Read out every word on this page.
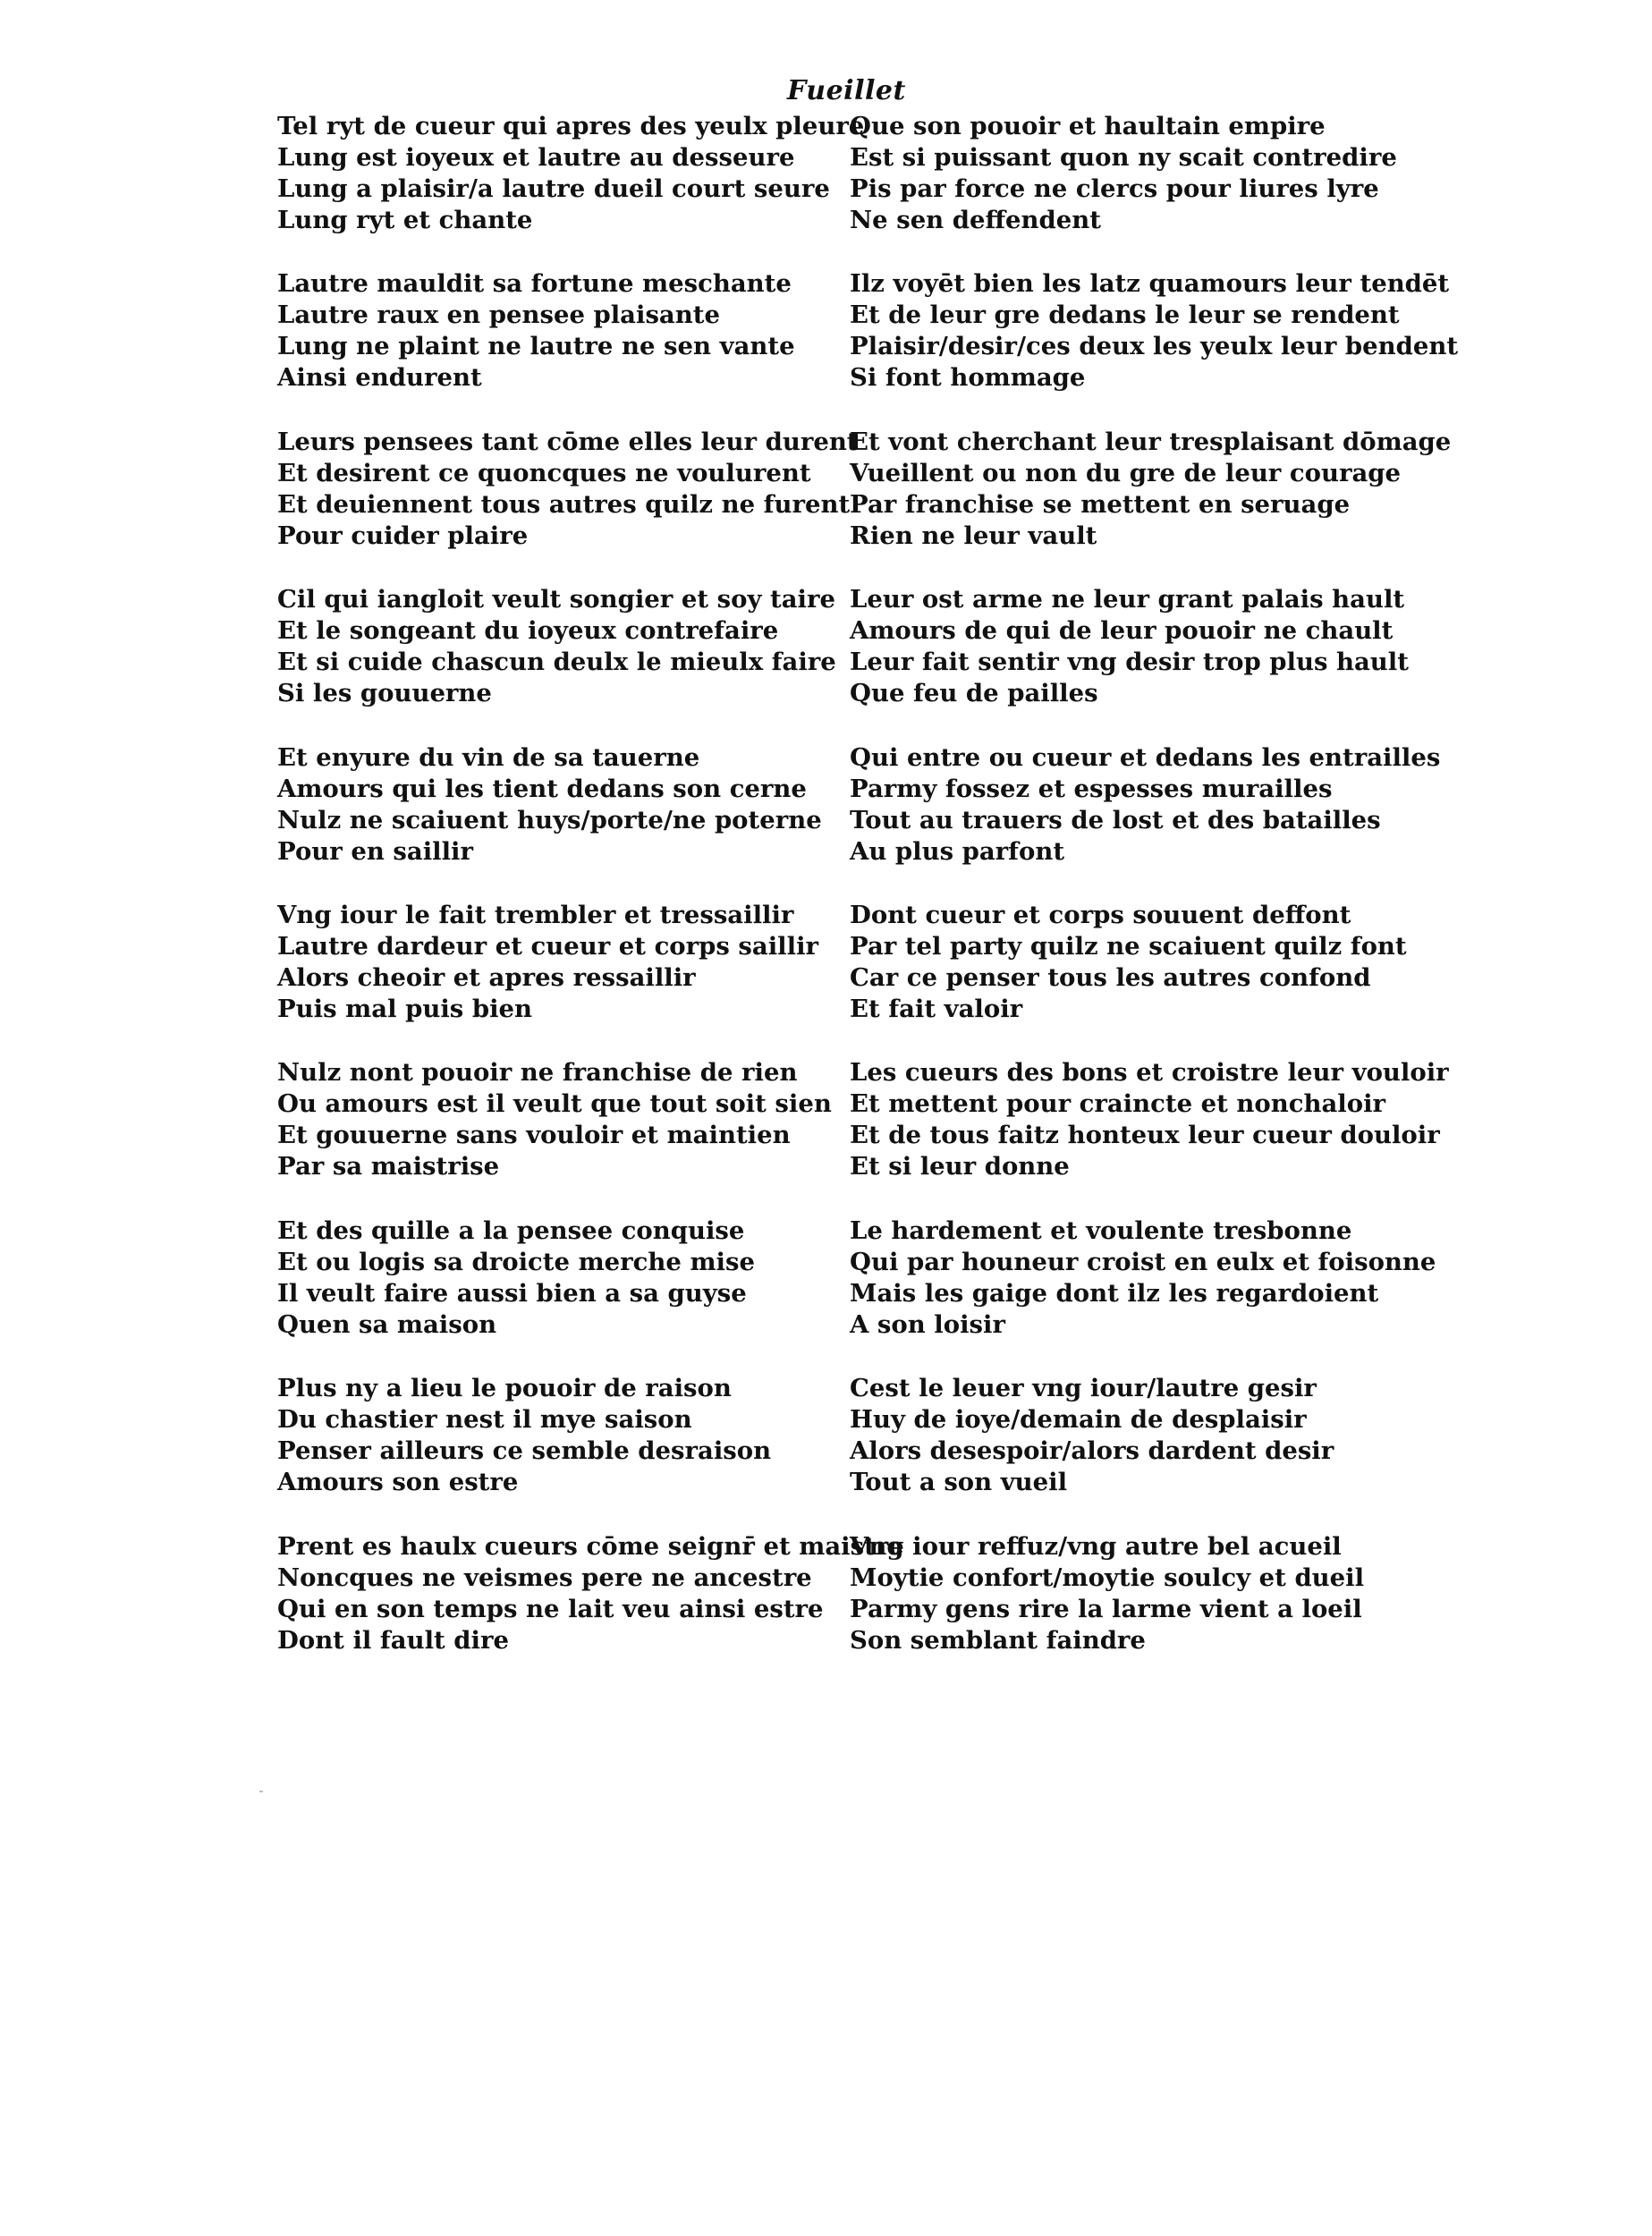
Fueillet
Tel ryt de cueur qui apres des yeulx pleure
Lung est ioyeux et lautre au desseure
Lung a plaisir/a lautre dueil court seure
Lung ryt et chante
Lautre mauldit sa fortune meschante
Lautre raux en pensee plaisante
Lung ne plaint ne lautre ne sen vante
Ainsi endurent
Leurs pensees tant cōme elles leur durent
Et desirent ce quoncques ne voulurent
Et deuiennent tous autres quilz ne furent
Pour cuider plaire
Cil qui iangloit veult songier et soy taire
Et le songeant du ioyeux contrefaire
Et si cuide chascun deulx le mieulx faire
Si les gouuerne
Et enyure du vin de sa tauerne
Amours qui les tient dedans son cerne
Nulz ne scaiuent huys/porte/ne poterne
Pour en saillir
Vng iour le fait trembler et tressaillir
Lautre dardeur et cueur et corps saillir
Alors cheoir et apres ressaillir
Puis mal puis bien
Nulz nont pouoir ne franchise de rien
Ou amours est il veult que tout soit sien
Et gouuerne sans vouloir et maintien
Par sa maistrise
Et des quille a la pensee conquise
Et ou logis sa droicte merche mise
Il veult faire aussi bien a sa guyse
Quen sa maison
Plus ny a lieu le pouoir de raison
Du chastier nest il mye saison
Penser ailleurs ce semble desraison
Amours son estre
Prent es haulx cueurs cōme seignr̄ et maistre
Noncques ne veismes pere ne ancestre
Qui en son temps ne lait veu ainsi estre
Dont il fault dire
Que son pouoir et haultain empire
Est si puissant quon ny scait contredire
Pis par force ne clercs pour liures lyre
Ne sen deffendent
Ilz voyēt bien les latz quamours leur tendēt
Et de leur gre dedans le leur se rendent
Plaisir/desir/ces deux les yeulx leur bendent
Si font hommage
Et vont cherchant leur tresplaisant dōmage
Vueillent ou non du gre de leur courage
Par franchise se mettent en seruage
Rien ne leur vault
Leur ost arme ne leur grant palais hault
Amours de qui de leur pouoir ne chault
Leur fait sentir vng desir trop plus hault
Que feu de pailles
Qui entre ou cueur et dedans les entrailles
Parmy fossez et espesses murailles
Tout au trauers de lost et des batailles
Au plus parfont
Dont cueur et corps souuent deffont
Par tel party quilz ne scaiuent quilz font
Car ce penser tous les autres confond
Et fait valoir
Les cueurs des bons et croistre leur vouloir
Et mettent pour craincte et nonchaloir
Et de tous faitz honteux leur cueur douloir
Et si leur donne
Le hardement et voulente tresbonne
Qui par houneur croist en eulx et foisonne
Mais les gaige dont ilz les regardoient
A son loisir
Cest le leuer vng iour/lautre gesir
Huy de ioye/demain de desplaisir
Alors desespoir/alors dardent desir
Tout a son vueil
Vng iour reffuz/vng autre bel acueil
Moytie confort/moytie soulcy et dueil
Parmy gens rire la larme vient a loeil
Son semblant faindre
